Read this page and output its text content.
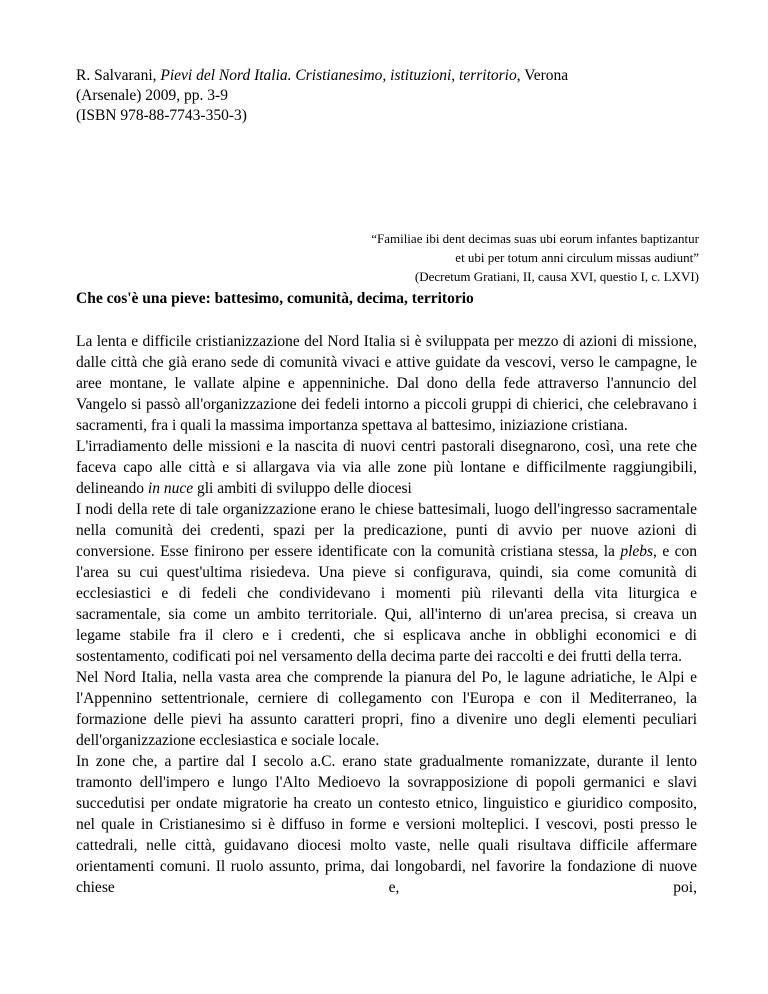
R. Salvarani, Pievi del Nord Italia. Cristianesimo, istituzioni, territorio, Verona
(Arsenale) 2009, pp. 3-9
(ISBN 978-88-7743-350-3)
“Familiae ibi dent decimas suas ubi eorum infantes baptizantur
et ubi per totum anni circulum missas audiunt”
(Decretum Gratiani, II, causa XVI, questio I, c. LXVI)
Che cos'è una pieve: battesimo, comunità, decima, territorio

La lenta e difficile cristianizzazione del Nord Italia si è sviluppata per mezzo di azioni di missione, dalle città che già erano sede di comunità vivaci e attive guidate da vescovi, verso le campagne, le aree montane, le vallate alpine e appenniniche. Dal dono della fede attraverso l'annuncio del Vangelo si passò all'organizzazione dei fedeli intorno a piccoli gruppi di chierici, che celebravano i sacramenti, fra i quali la massima importanza spettava al battesimo, iniziazione cristiana.

L'irradiamento delle missioni e la nascita di nuovi centri pastorali disegnarono, così, una rete che faceva capo alle città e si allargava via via alle zone più lontane e difficilmente raggiungibili, delineando in nuce gli ambiti di sviluppo delle diocesi

I nodi della rete di tale organizzazione erano le chiese battesimali, luogo dell'ingresso sacramentale nella comunità dei credenti, spazi per la predicazione, punti di avvio per nuove azioni di conversione. Esse finirono per essere identificate con la comunità cristiana stessa, la plebs, e con l'area su cui quest'ultima risiedeva. Una pieve si configurava, quindi, sia come comunità di ecclesiastici e di fedeli che condividevano i momenti più rilevanti della vita liturgica e sacramentale, sia come un ambito territoriale. Qui, all'interno di un'area precisa, si creava un legame stabile fra il clero e i credenti, che si esplicava anche in obblighi economici e di sostentamento, codificati poi nel versamento della decima parte dei raccolti e dei frutti della terra.

Nel Nord Italia, nella vasta area che comprende la pianura del Po, le lagune adriatiche, le Alpi e l'Appennino settentrionale, cerniere di collegamento con l'Europa e con il Mediterraneo, la formazione delle pievi ha assunto caratteri propri, fino a divenire uno degli elementi peculiari dell'organizzazione ecclesiastica e sociale locale.

In zone che, a partire dal I secolo a.C. erano state gradualmente romanizzate, durante il lento tramonto dell'impero e lungo l'Alto Medioevo la sovrapposizione di popoli germanici e slavi succedutisi per ondate migratorie ha creato un contesto etnico, linguistico e giuridico composito, nel quale in Cristianesimo si è diffuso in forme e versioni molteplici. I vescovi, posti presso le cattedrali, nelle città, guidavano diocesi molto vaste, nelle quali risultava difficile affermare orientamenti comuni. Il ruolo assunto, prima, dai longobardi, nel favorire la fondazione di nuove chiese e, poi,
